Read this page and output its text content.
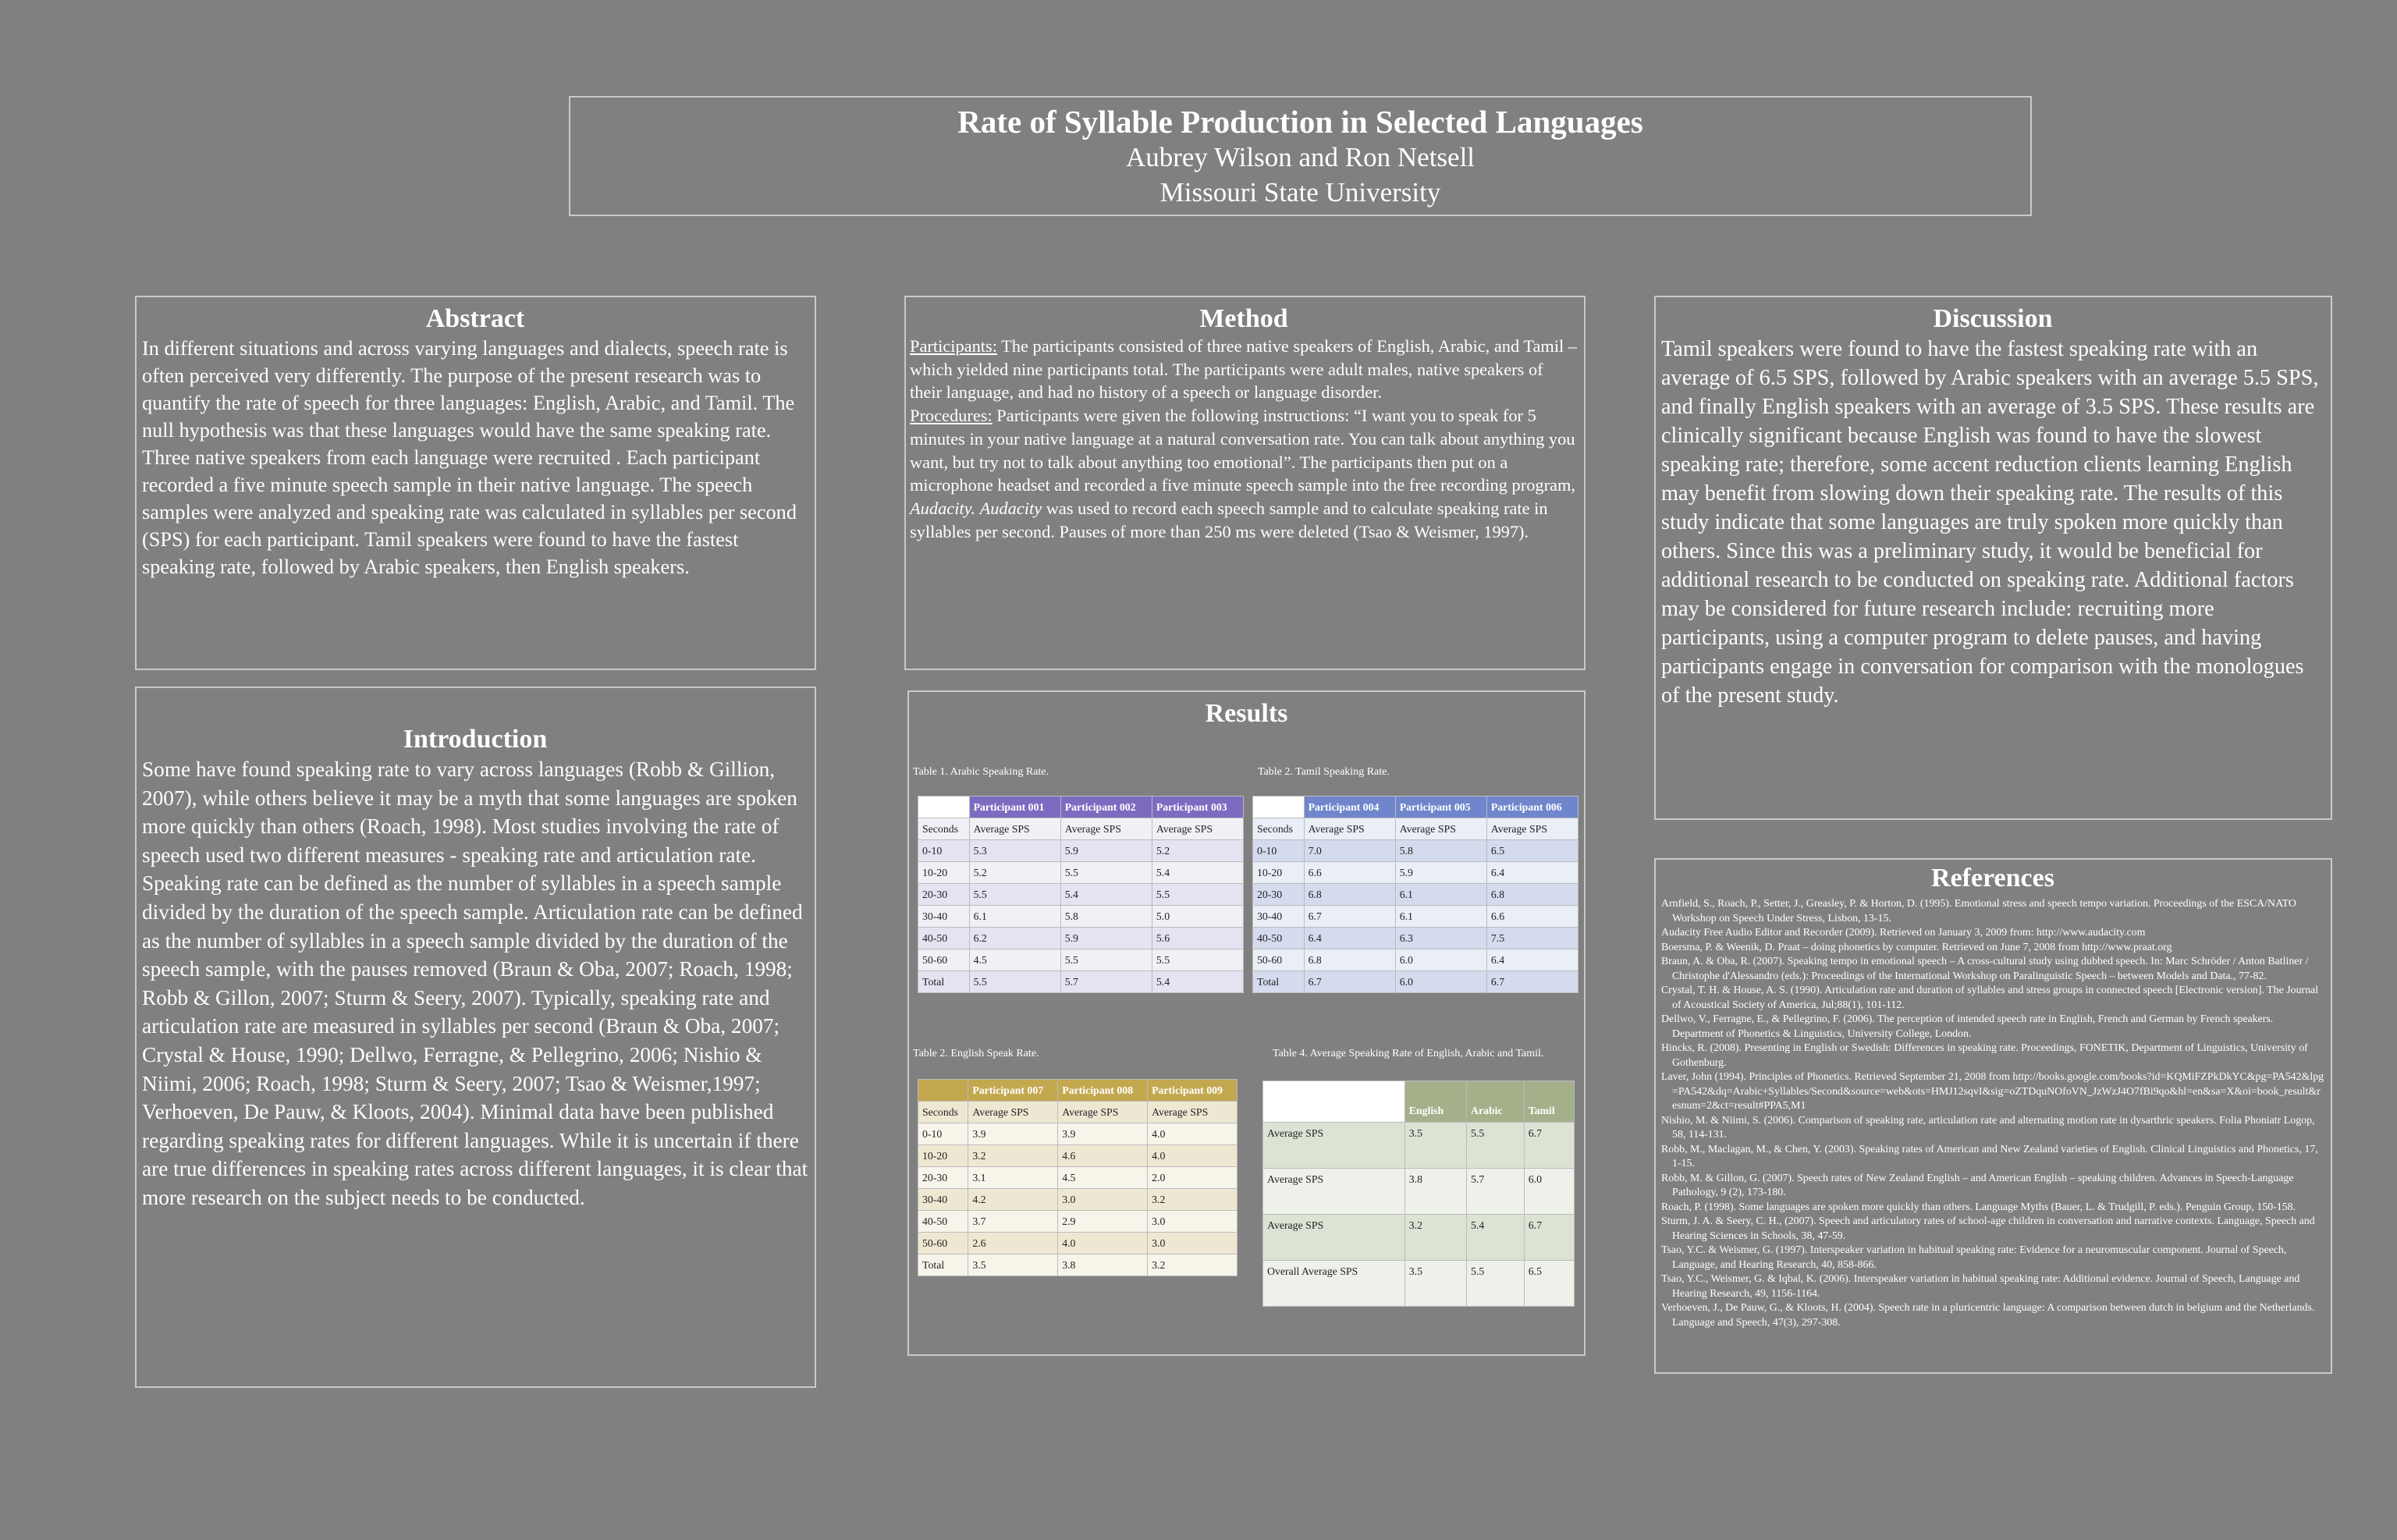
Rate of Syllable Production in Selected Languages
Aubrey Wilson and Ron Netsell
Missouri State University
Abstract

In different situations and across varying languages and dialects, speech rate is often perceived very differently. The purpose of the present research was to quantify the rate of speech for three languages: English, Arabic, and Tamil. The null hypothesis was that these languages would have the same speaking rate. Three native speakers from each language were recruited . Each participant recorded a five minute speech sample in their native language. The speech samples were analyzed and speaking rate was calculated in syllables per second (SPS) for each participant. Tamil speakers were found to have the fastest speaking rate, followed by Arabic speakers, then English speakers.

Introduction

Some have found speaking rate to vary across languages (Robb & Gillion, 2007), while others believe it may be a myth that some languages are spoken more quickly than others (Roach, 1998). Most studies involving the rate of speech used two different measures - speaking rate and articulation rate. Speaking rate can be defined as the number of syllables in a speech sample divided by the duration of the speech sample. Articulation rate can be defined as the number of syllables in a speech sample divided by the duration of the speech sample, with the pauses removed (Braun & Oba, 2007; Roach, 1998; Robb & Gillon, 2007; Sturm & Seery, 2007). Typically, speaking rate and articulation rate are measured in syllables per second (Braun & Oba, 2007; Crystal & House, 1990; Dellwo, Ferragne, & Pellegrino, 2006; Nishio & Niimi, 2006; Roach, 1998; Sturm & Seery, 2007; Tsao & Weismer,1997; Verhoeven, De Pauw, & Kloots, 2004). Minimal data have been published regarding speaking rates for different languages. While it is uncertain if there are true differences in speaking rates across different languages, it is clear that more research on the subject needs to be conducted.

Method

Participants: The participants consisted of three native speakers of English, Arabic, and Tamil – which yielded nine participants total. The participants were adult males, native speakers of their language, and had no history of a speech or language disorder.
Procedures: Participants were given the following instructions: “I want you to speak for 5 minutes in your native language at a natural conversation rate. You can talk about anything you want, but try not to talk about anything too emotional”. The participants then put on a microphone headset and recorded a five minute speech sample into the free recording program, Audacity. Audacity was used to record each speech sample and to calculate speaking rate in syllables per second. Pauses of more than 250 ms were deleted (Tsao & Weismer, 1997).

Discussion

Tamil speakers were found to have the fastest speaking rate with an average of 6.5 SPS, followed by Arabic speakers with an average 5.5 SPS, and finally English speakers with an average of 3.5 SPS. These results are clinically significant because English was found to have the slowest speaking rate; therefore, some accent reduction clients learning English may benefit from slowing down their speaking rate. The results of this study indicate that some languages are truly spoken more quickly than others. Since this was a preliminary study, it would be beneficial for additional research to be conducted on speaking rate. Additional factors may be considered for future research include: recruiting more participants, using a computer program to delete pauses, and having participants engage in conversation for comparison with the monologues of the present study.

Results
Table 1. Arabic Speaking Rate.
	Participant 001	Participant 002	Participant 003
Seconds	Average SPS	Average SPS	Average SPS
0-10	5.3	5.9	5.2
10-20	5.2	5.5	5.4
20-30	5.5	5.4	5.5
30-40	6.1	5.8	5.0
40-50	6.2	5.9	5.6
50-60	4.5	5.5	5.5
Total	5.5	5.7	5.4
Table 2. Tamil Speaking Rate.
	Participant 004	Participant 005	Participant 006
Seconds	Average SPS	Average SPS	Average SPS
0-10	7.0	5.8	6.5
10-20	6.6	5.9	6.4
20-30	6.8	6.1	6.8
30-40	6.7	6.1	6.6
40-50	6.4	6.3	7.5
50-60	6.8	6.0	6.4
Total	6.7	6.0	6.7
Table 2. English Speak Rate.
	Participant 007	Participant 008	Participant 009
Seconds	Average SPS	Average SPS	Average SPS
0-10	3.9	3.9	4.0
10-20	3.2	4.6	4.0
20-30	3.1	4.5	2.0
30-40	4.2	3.0	3.2
40-50	3.7	2.9	3.0
50-60	2.6	4.0	3.0
Total	3.5	3.8	3.2
Table 4. Average Speaking Rate of English, Arabic and Tamil.
	English	Arabic	Tamil
Average SPS	3.5	5.5	6.7
Average SPS	3.8	5.7	6.0
Average SPS	3.2	5.4	6.7
Overall Average SPS	3.5	5.5	6.5
References
Arnfield, S., Roach, P., Setter, J., Greasley, P. & Horton, D. (1995). Emotional stress and speech tempo variation. Proceedings of the ESCA/NATO Workshop on Speech Under Stress, Lisbon, 13-15.
Audacity Free Audio Editor and Recorder (2009). Retrieved on January 3, 2009 from: http://www.audacity.com
Boersma, P. & Weenik, D. Praat – doing phonetics by computer. Retrieved on June 7, 2008 from http://www.praat.org
Braun, A. & Oba, R. (2007). Speaking tempo in emotional speech – A cross-cultural study using dubbed speech. In: Marc Schröder / Anton Batliner / Christophe d'Alessandro (eds.): Proceedings of the International Workshop on Paralinguistic Speech – between Models and Data., 77-82.
Crystal, T. H. & House, A. S. (1990). Articulation rate and duration of syllables and stress groups in connected speech [Electronic version]. The Journal of Acoustical Society of America, Jul;88(1), 101-112.
Dellwo, V., Ferragne, E., & Pellegrino, F. (2006). The perception of intended speech rate in English, French and German by French speakers. Department of Phonetics & Linguistics, University College, London.
Hincks, R. (2008). Presenting in English or Swedish: Differences in speaking rate. Proceedings, FONETIK, Department of Linguistics, University of Gothenburg.
Laver, John (1994). Principles of Phonetics. Retrieved September 21, 2008 from http://books.google.com/books?id=KQMiFZPkDkYC&pg=PA542&lpg=PA542&dq=Arabic+Syllables/Second&source=web&ots=HMJ12sqvI&sig=oZTDquNOfoVN_JzWzJ4O7fBi9qo&hl=en&sa=X&oi=book_result&resnum=2&ct=result#PPA5,M1
Nishio, M. & Niimi, S. (2006). Comparison of speaking rate, articulation rate and alternating motion rate in dysarthric speakers. Folia Phoniatr Logop, 58, 114-131.
Robb, M., Maclagan, M., & Chen, Y. (2003). Speaking rates of American and New Zealand varieties of English. Clinical Linguistics and Phonetics, 17, 1-15.
Robb, M. & Gillon, G. (2007). Speech rates of New Zealand English – and American English – speaking children. Advances in Speech-Language Pathology, 9 (2), 173-180.
Roach, P. (1998). Some languages are spoken more quickly than others. Language Myths (Bauer, L. & Trudgill, P. eds.). Penguin Group, 150-158.
Sturm, J. A. & Seery, C. H., (2007). Speech and articulatory rates of school-age children in conversation and narrative contexts. Language, Speech and Hearing Sciences in Schools, 38, 47-59.
Tsao, Y.C. & Weismer, G. (1997). Interspeaker variation in habitual speaking rate: Evidence for a neuromuscular component. Journal of Speech, Language, and Hearing Research, 40, 858-866.
Tsao, Y.C., Weismer, G. & Iqbal, K. (2006). Interspeaker variation in habitual speaking rate: Additional evidence. Journal of Speech, Language and Hearing Research, 49, 1156-1164.
Verhoeven, J., De Pauw, G., & Kloots, H. (2004). Speech rate in a pluricentric language: A comparison between dutch in belgium and the Netherlands. Language and Speech, 47(3), 297-308.
